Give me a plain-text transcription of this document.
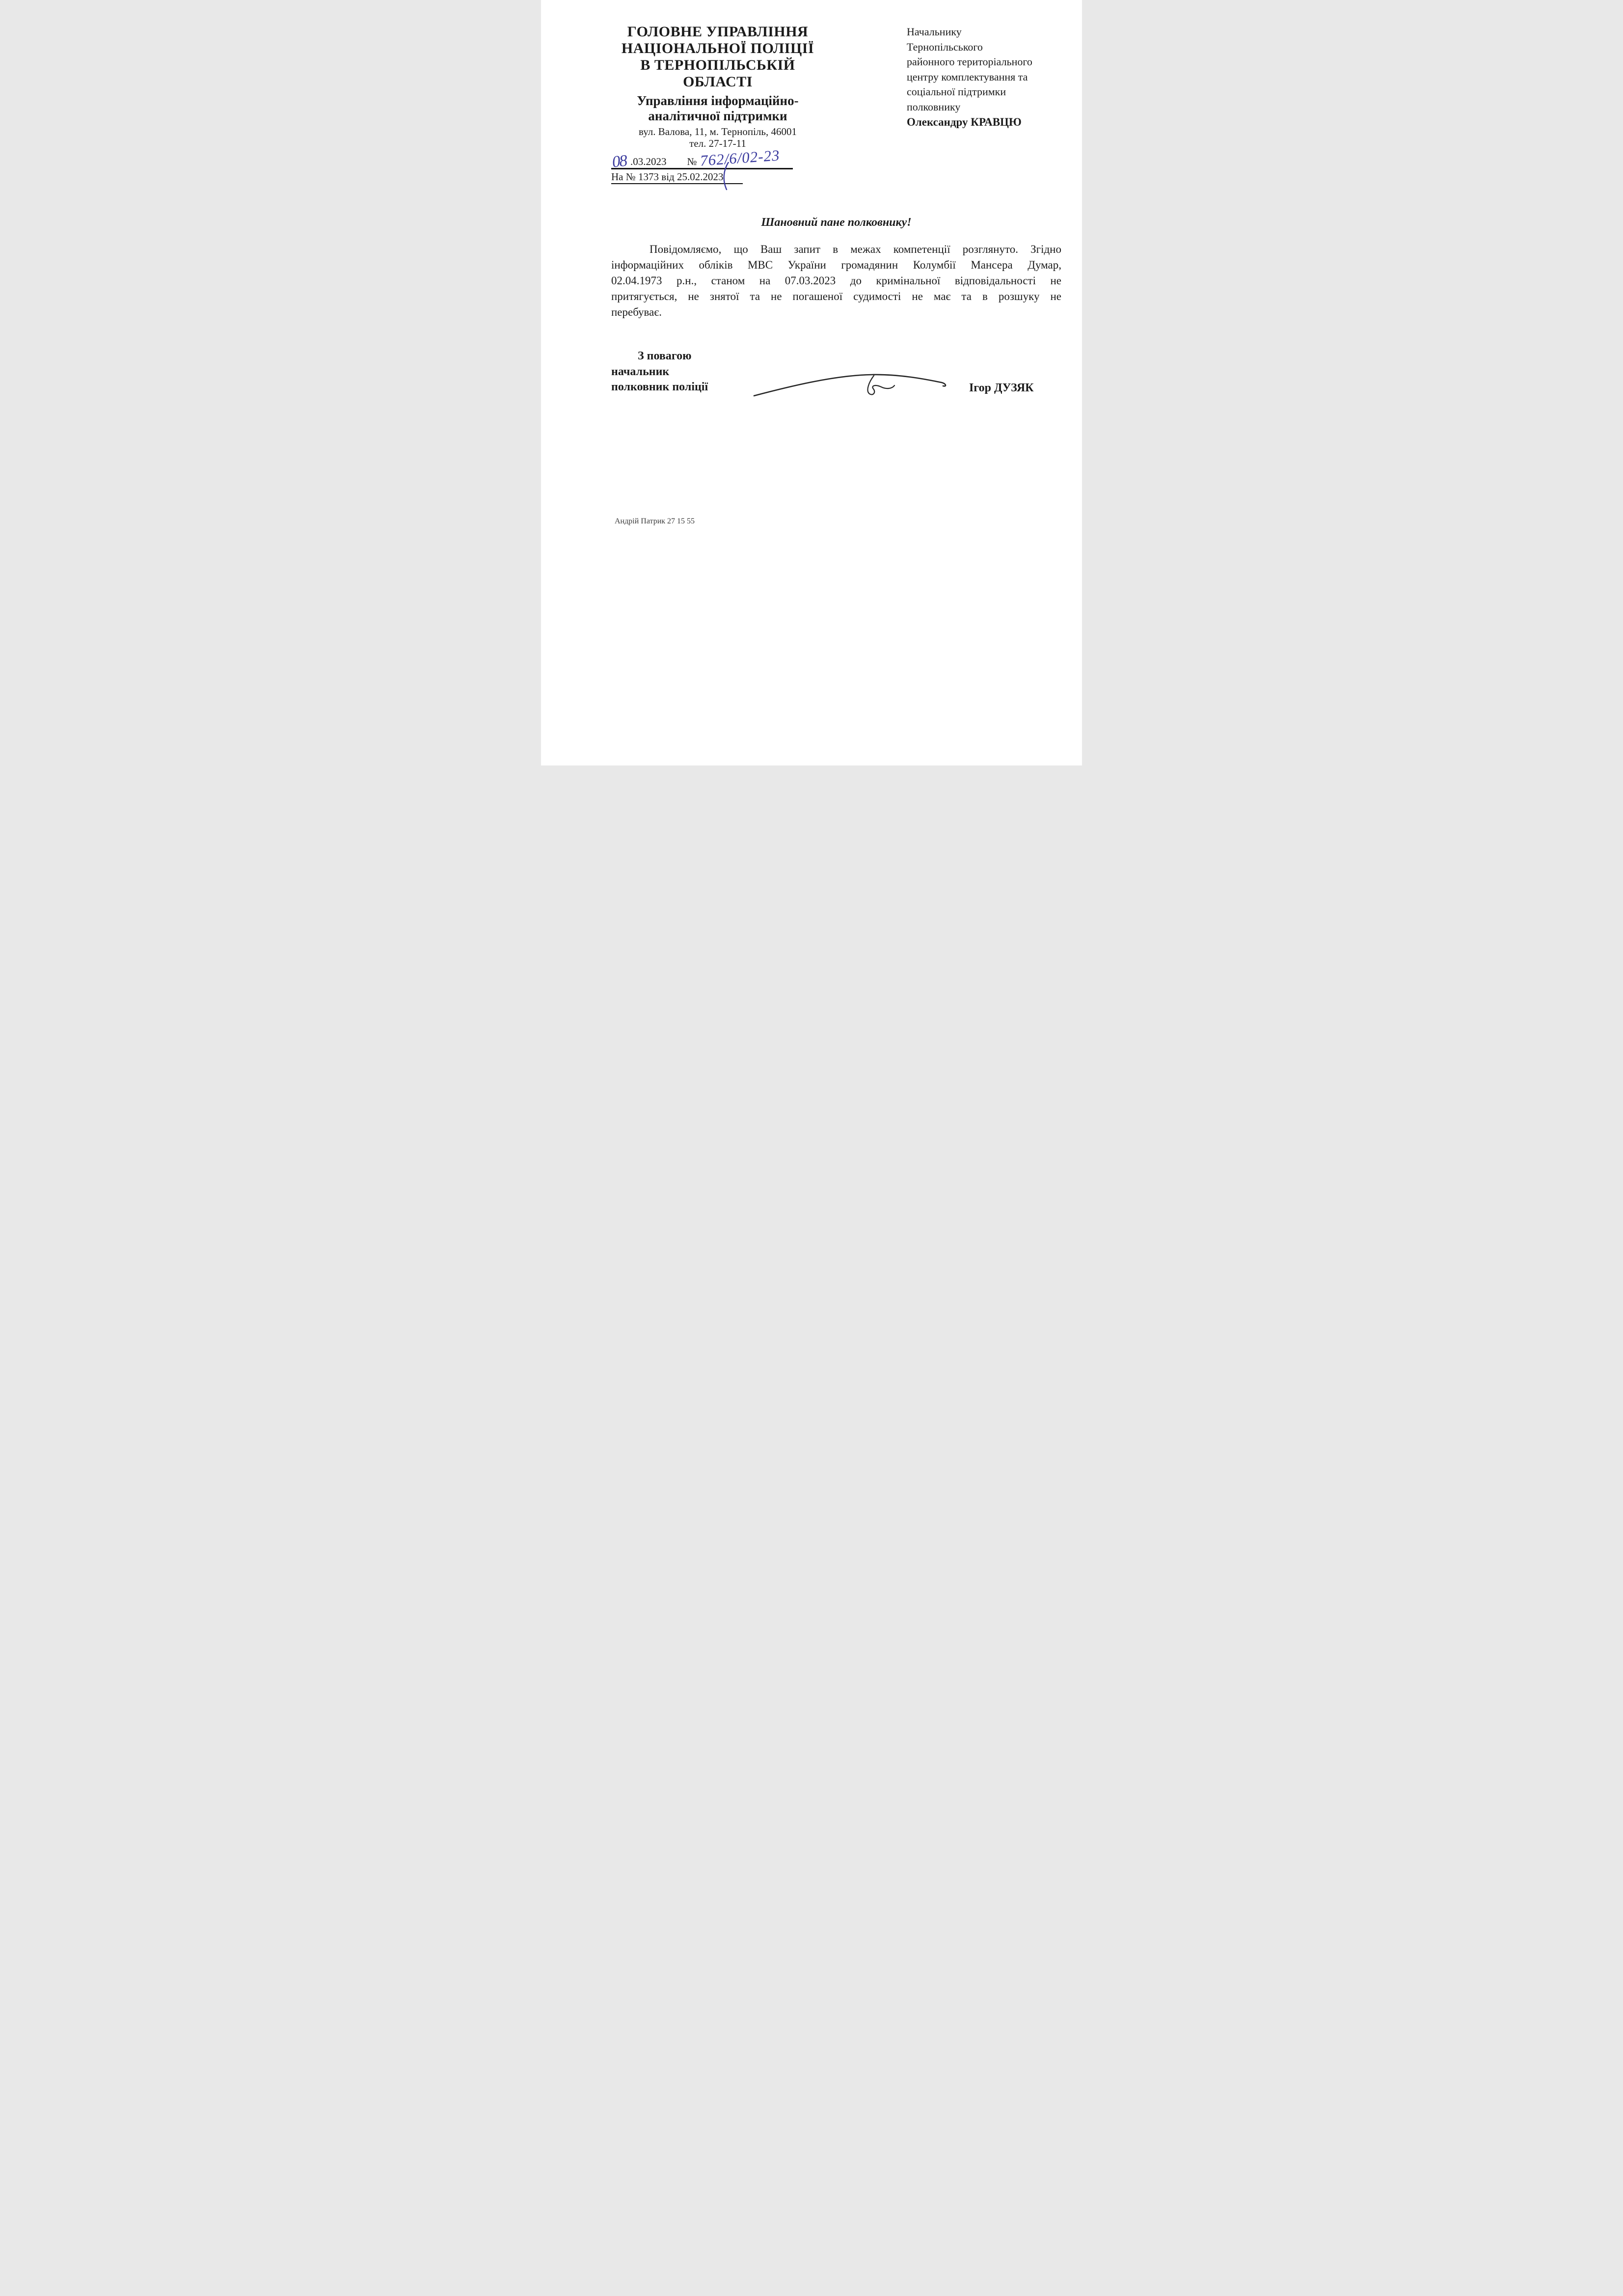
ГОЛОВНЕ УПРАВЛІННЯ
НАЦІОНАЛЬНОЇ ПОЛІЦІЇ
В ТЕРНОПІЛЬСЬКІЙ
ОБЛАСТІ
Управління інформаційно-
аналітичної підтримки
вул. Валова, 11, м. Тернопіль, 46001
тел. 27-17-11
08 .03.2023 № 762/6/02-23
На № 1373 від 25.02.2023
Начальнику
Тернопільського
районного територіального
центру комплектування та
соціальної підтримки
полковнику
Олександру КРАВЦЮ
Шановний пане полковнику!
Повідомляємо, що Ваш запит в межах компетенції розглянуто. Згідно
інформаційних обліків МВС України громадянин Колумбії Мансера Думар,
02.04.1973 р.н., станом на 07.03.2023 до кримінальної відповідальності не
притягується, не знятої та не погашеної судимості не має та в розшуку не
перебуває.
З повагою
начальник
полковник поліції	Ігор ДУЗЯК
Андрій Патрик 27 15 55
